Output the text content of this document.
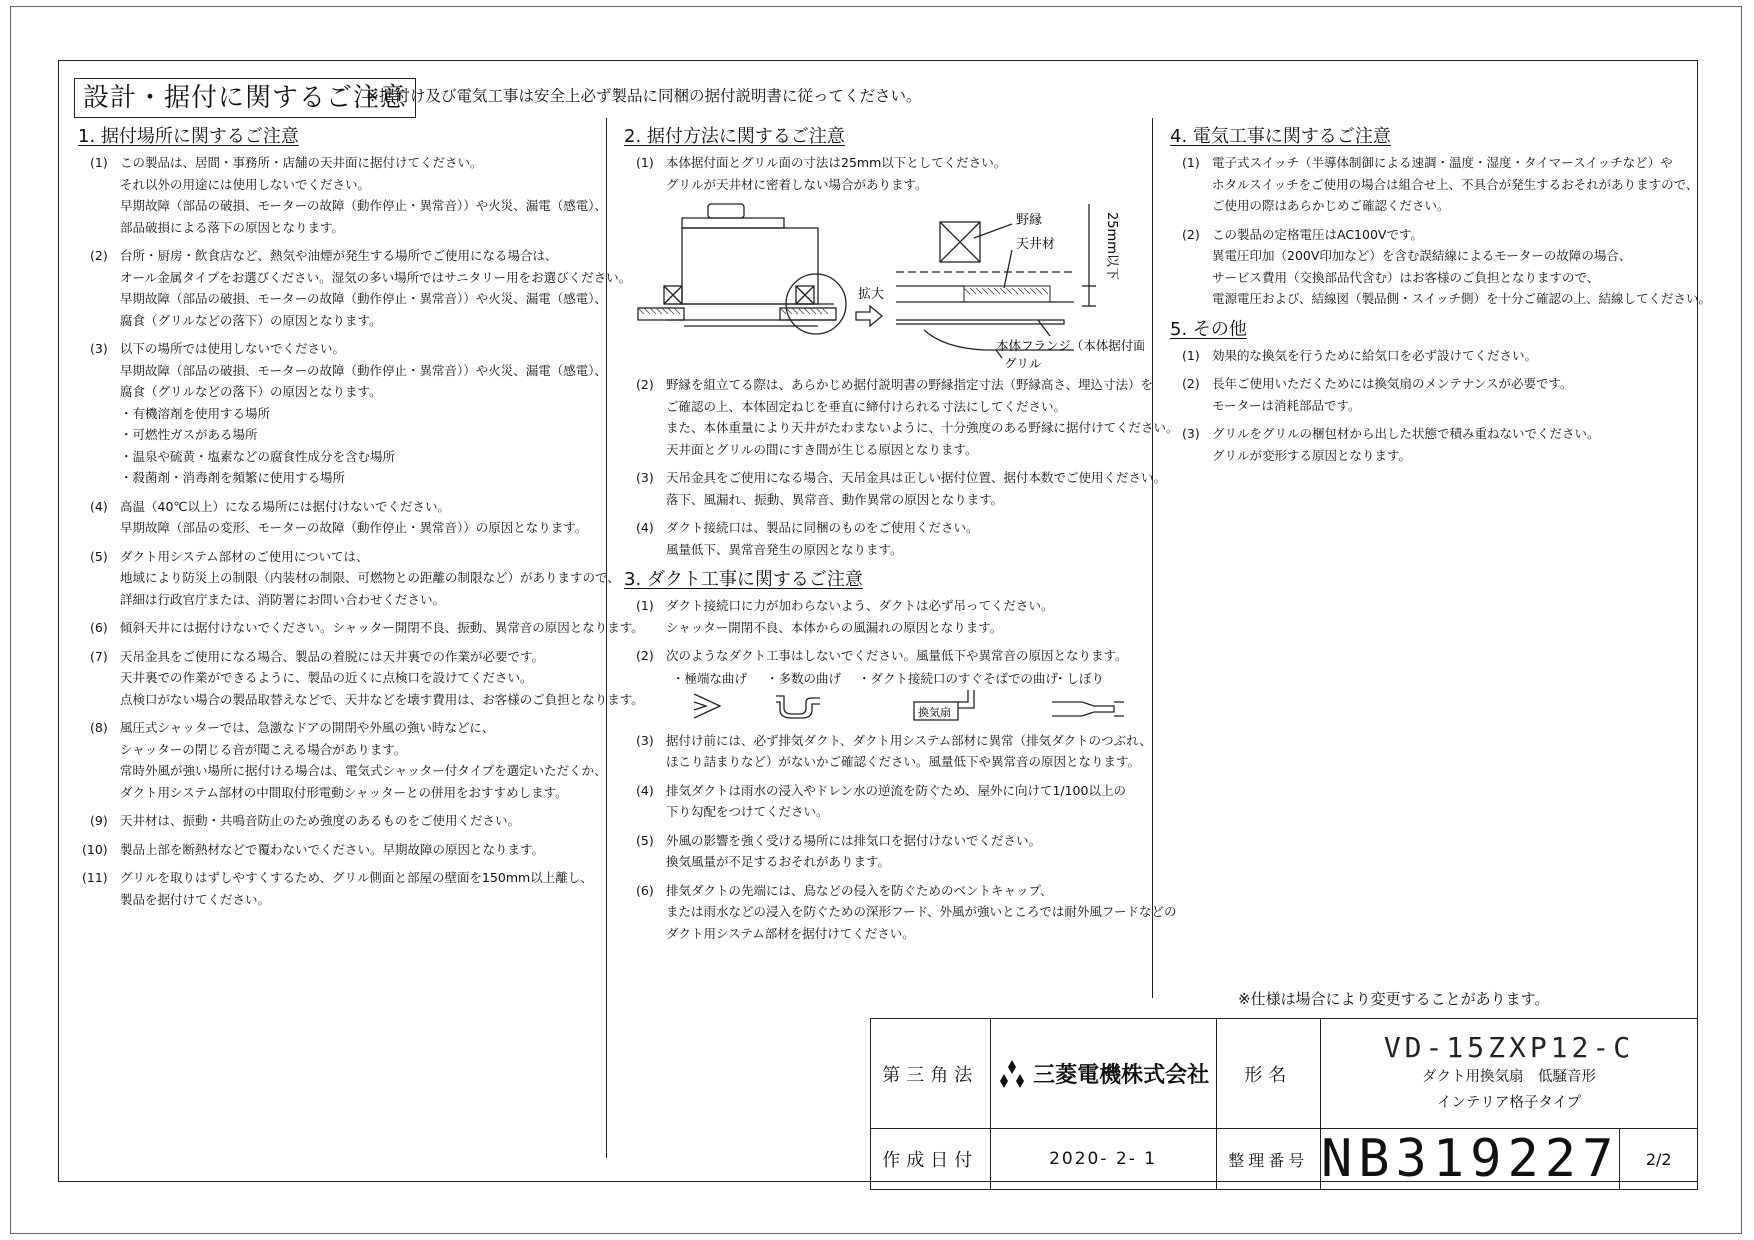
設計・据付に関するご注意
※据付け及び電気工事は安全上必ず製品に同梱の据付説明書に従ってください。
1. 据付場所に関するご注意
(1) この製品は、居間・事務所・店舗の天井面に据付けてください。
それ以外の用途には使用しないでください。
早期故障（部品の破損、モーターの故障（動作停止・異常音））や火災、漏電（感電）、
部品破損による落下の原因となります。
(2) 台所・厨房・飲食店など、熱気や油煙が発生する場所でご使用になる場合は、
オール金属タイプをお選びください。湿気の多い場所ではサニタリー用をお選びください。
早期故障（部品の破損、モーターの故障（動作停止・異常音））や火災、漏電（感電）、
腐食（グリルなどの落下）の原因となります。
(3) 以下の場所では使用しないでください。
早期故障（部品の破損、モーターの故障（動作停止・異常音））や火災、漏電（感電）、
腐食（グリルなどの落下）の原因となります。
・有機溶剤を使用する場所
・可燃性ガスがある場所
・温泉や硫黄・塩素などの腐食性成分を含む場所
・殺菌剤・消毒剤を頻繁に使用する場所
(4) 高温（40℃以上）になる場所には据付けないでください。
早期故障（部品の変形、モーターの故障（動作停止・異常音））の原因となります。
(5) ダクト用システム部材のご使用については、
地域により防災上の制限（内装材の制限、可燃物との距離の制限など）がありますので、
詳細は行政官庁または、消防署にお問い合わせください。
(6) 傾斜天井には据付けないでください。シャッター開閉不良、振動、異常音の原因となります。
(7) 天吊金具をご使用になる場合、製品の着脱には天井裏での作業が必要です。
天井裏での作業ができるように、製品の近くに点検口を設けてください。
点検口がない場合の製品取替えなどで、天井などを壊す費用は、お客様のご負担となります。
(8) 風圧式シャッターでは、急激なドアの開閉や外風の強い時などに、
シャッターの閉じる音が聞こえる場合があります。
常時外風が強い場所に据付ける場合は、電気式シャッター付タイプを選定いただくか、
ダクト用システム部材の中間取付形電動シャッターとの併用をおすすめします。
(9) 天井材は、振動・共鳴音防止のため強度のあるものをご使用ください。
(10) 製品上部を断熱材などで覆わないでください。早期故障の原因となります。
(11) グリルを取りはずしやすくするため、グリル側面と部屋の壁面を150mm以上離し、
製品を据付けてください。
2. 据付方法に関するご注意
(1) 本体据付面とグリル面の寸法は25mm以下としてください。
グリルが天井材に密着しない場合があります。
野縁
天井材
拡大
25mm以下
本体フランジ（本体据付面）
グリル
(2) 野縁を組立てる際は、あらかじめ据付説明書の野縁指定寸法（野縁高さ、埋込寸法）を
ご確認の上、本体固定ねじを垂直に締付けられる寸法にしてください。
また、本体重量により天井がたわまないように、十分強度のある野縁に据付けてください。
天井面とグリルの間にすき間が生じる原因となります。
(3) 天吊金具をご使用になる場合、天吊金具は正しい据付位置、据付本数でご使用ください。
落下、風漏れ、振動、異常音、動作異常の原因となります。
(4) ダクト接続口は、製品に同梱のものをご使用ください。
風量低下、異常音発生の原因となります。
3. ダクト工事に関するご注意
(1) ダクト接続口に力が加わらないよう、ダクトは必ず吊ってください。
シャッター開閉不良、本体からの風漏れの原因となります。
(2) 次のようなダクト工事はしないでください。風量低下や異常音の原因となります。
・極端な曲げ ・多数の曲げ ・ダクト接続口のすぐそばでの曲げ
・しぼり
換気扇
(3) 据付け前には、必ず排気ダクト、ダクト用システム部材に異常（排気ダクトのつぶれ、
ほこり詰まりなど）がないかご確認ください。風量低下や異常音の原因となります。
(4) 排気ダクトは雨水の浸入やドレン水の逆流を防ぐため、屋外に向けて1/100以上の
下り勾配をつけてください。
(5) 外風の影響を強く受ける場所には排気口を据付けないでください。
換気風量が不足するおそれがあります。
(6) 排気ダクトの先端には、鳥などの侵入を防ぐためのベントキャップ、
または雨水などの浸入を防ぐための深形フード、外風が強いところでは耐外風フードなどの
ダクト用システム部材を据付けてください。
4. 電気工事に関するご注意
(1) 電子式スイッチ（半導体制御による速調・温度・湿度・タイマースイッチなど）や
ホタルスイッチをご使用の場合は組合せ上、不具合が発生するおそれがありますので、
ご使用の際はあらかじめご確認ください。
(2) この製品の定格電圧はAC100Vです。
異電圧印加（200V印加など）を含む誤結線によるモーターの故障の場合、
サービス費用（交換部品代含む）はお客様のご負担となりますので、
電源電圧および、結線図（製品側・スイッチ側）を十分ご確認の上、結線してください。
5. その他
(1) 効果的な換気を行うために給気口を必ず設けてください。
(2) 長年ご使用いただくためには換気扇のメンテナンスが必要です。
モーターは消耗部品です。
(3) グリルをグリルの梱包材から出した状態で積み重ねないでください。
グリルが変形する原因となります。
※仕様は場合により変更することがあります。
第三角法	三菱電機株式会社	形名	VD-15ZXP12-C
ダクト用換気扇　低騒音形
インテリア格子タイプ	

作成日付	2020- 2- 1	整理番号	NB319227	2/2
